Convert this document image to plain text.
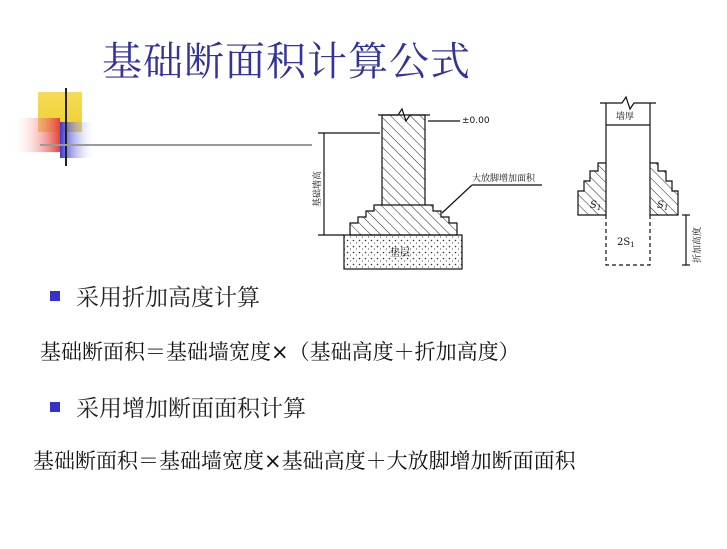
基础断面积计算公式
±0.00
基础墙高	大放脚增加面积
垫层
墙厚
$S_1$	$S_1$
$2S_1$	折加高度
采用折加高度计算
基础断面积＝基础墙宽度×（基础高度＋折加高度）
采用增加断面面积计算
基础断面积＝基础墙宽度×基础高度＋大放脚增加断面面积
